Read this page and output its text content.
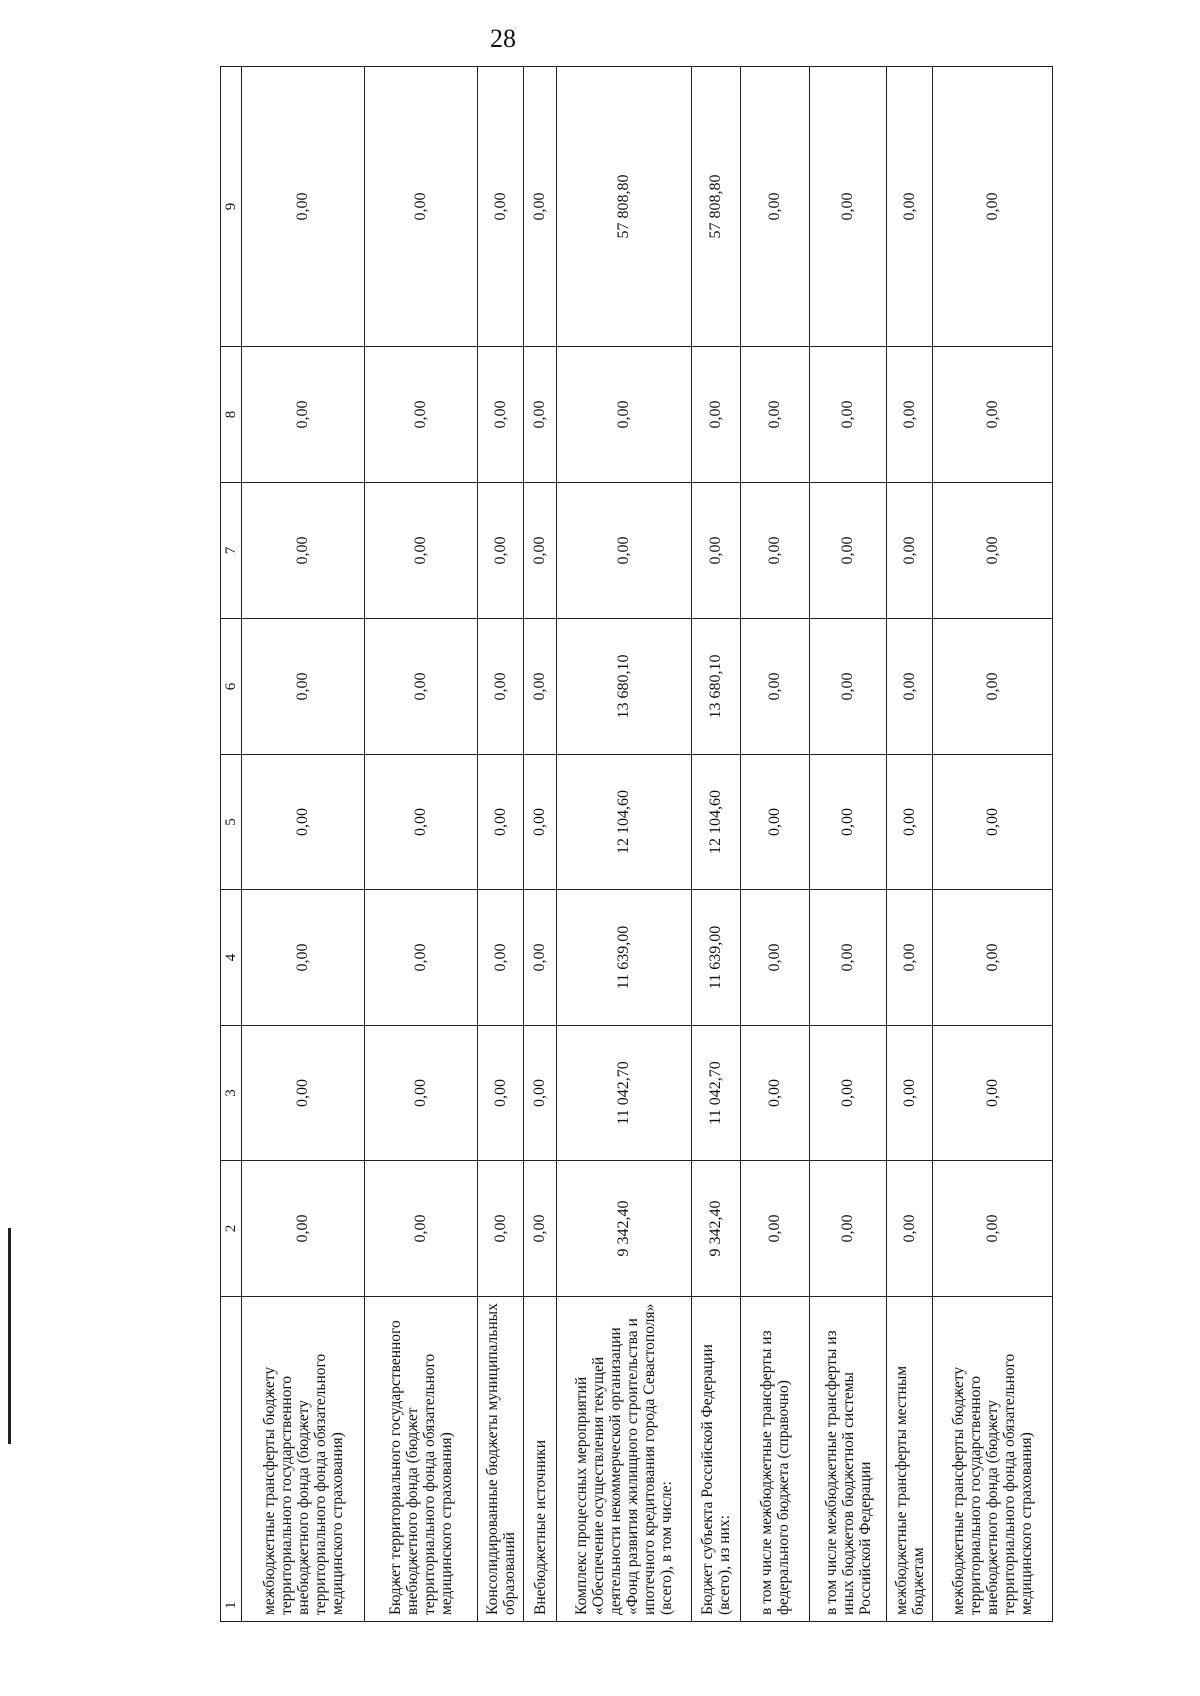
28
1	2	3	4	5	6	7	8	9
межбюджетные трансферты бюджету территориального государственного внебюджетного фонда (бюджету территориального фонда обязательного медицинского страхования)	0,00	0,00	0,00	0,00	0,00	0,00	0,00	0,00
Бюджет территориального государственного внебюджетного фонда (бюджет территориального фонда обязательного медицинского страхования)	0,00	0,00	0,00	0,00	0,00	0,00	0,00	0,00
Консолидированные бюджеты муниципальных образований	0,00	0,00	0,00	0,00	0,00	0,00	0,00	0,00
Внебюджетные источники	0,00	0,00	0,00	0,00	0,00	0,00	0,00	0,00
Комплекс процессных мероприятий «Обеспечение осуществления текущей деятельности некоммерческой организации «Фонд развития жилищного строительства и ипотечного кредитования города Севастополя» (всего), в том числе:	9 342,40	11 042,70	11 639,00	12 104,60	13 680,10	0,00	0,00	57 808,80
Бюджет субъекта Российской Федерации (всего), из них:	9 342,40	11 042,70	11 639,00	12 104,60	13 680,10	0,00	0,00	57 808,80
в том числе межбюджетные трансферты из федерального бюджета (справочно)	0,00	0,00	0,00	0,00	0,00	0,00	0,00	0,00
в том числе межбюджетные трансферты из иных бюджетов бюджетной системы Российской Федерации	0,00	0,00	0,00	0,00	0,00	0,00	0,00	0,00
межбюджетные трансферты местным бюджетам	0,00	0,00	0,00	0,00	0,00	0,00	0,00	0,00
межбюджетные трансферты бюджету территориального государственного внебюджетного фонда (бюджету территориального фонда обязательного медицинского страхования)	0,00	0,00	0,00	0,00	0,00	0,00	0,00	0,00
